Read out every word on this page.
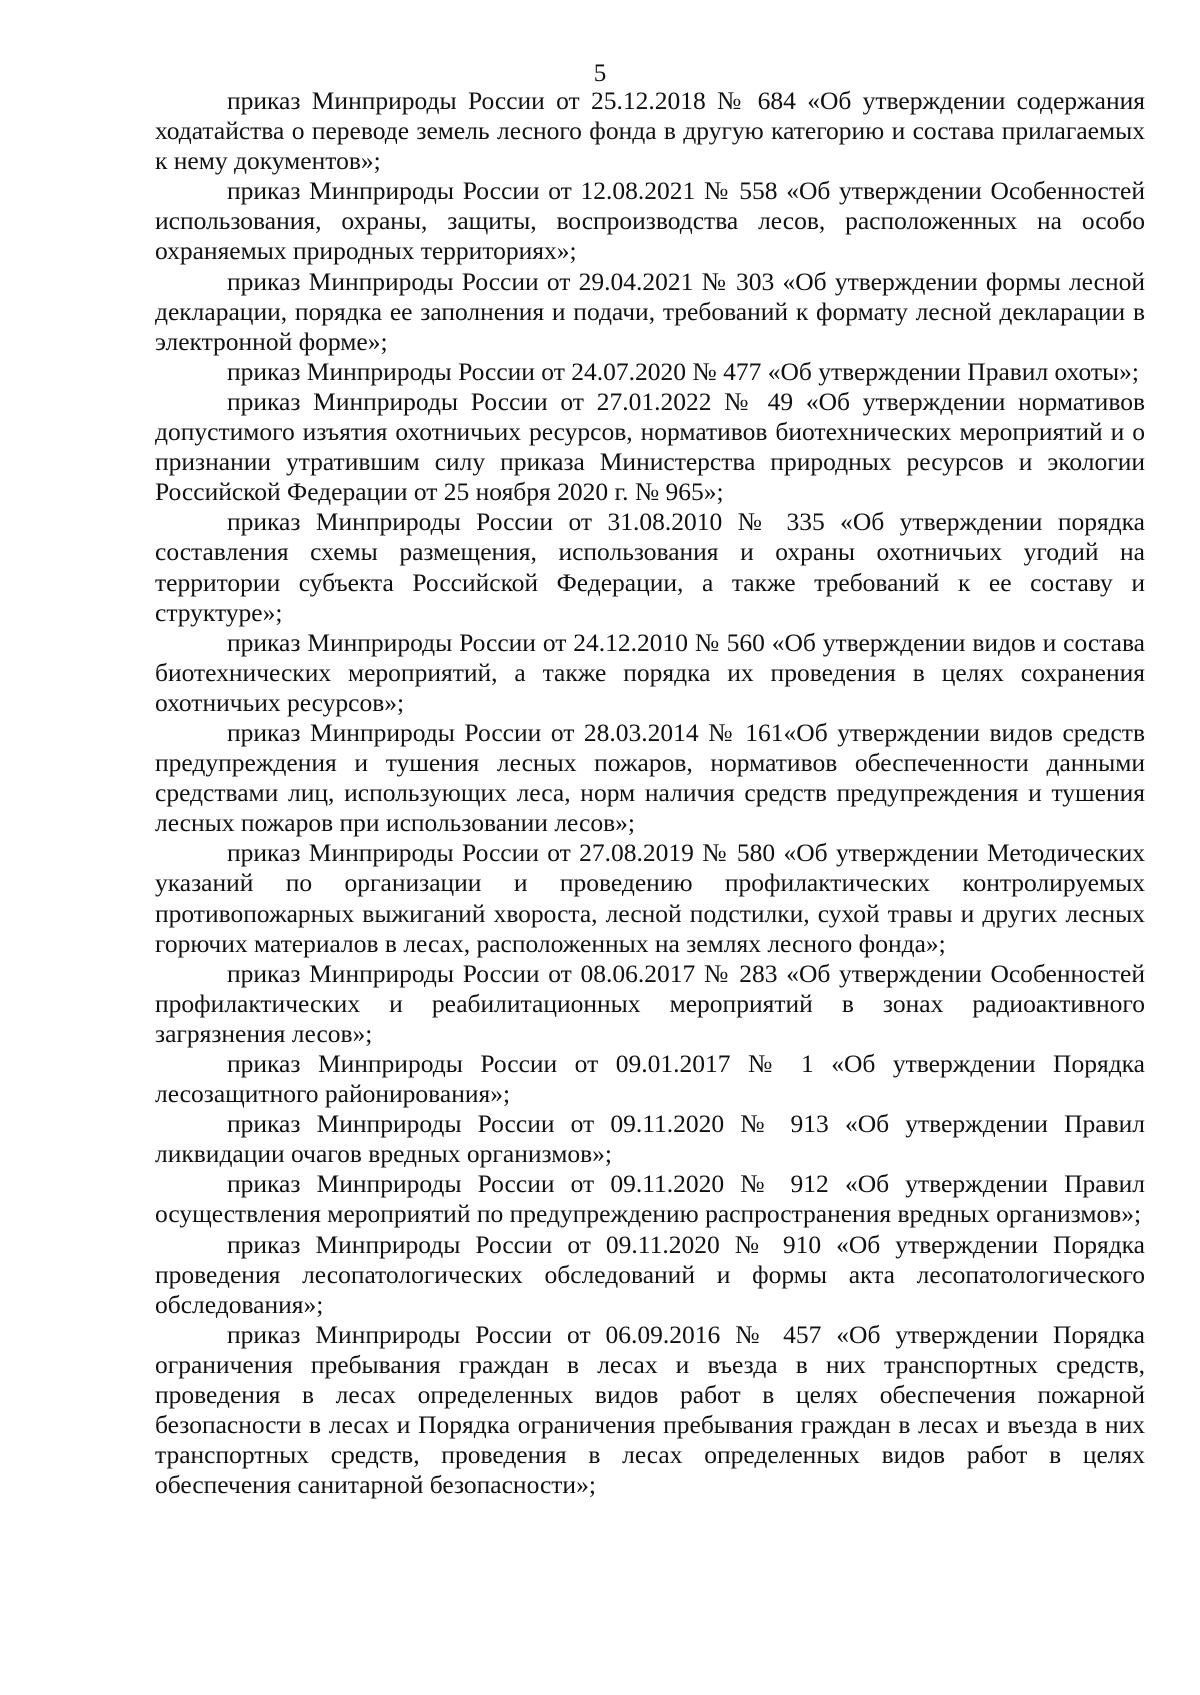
5

приказ Минприроды России от 25.12.2018 № 684 «Об утверждении содержания ходатайства о переводе земель лесного фонда в другую категорию и состава прилагаемых к нему документов»;

приказ Минприроды России от 12.08.2021 № 558 «Об утверждении Особенностей использования, охраны, защиты, воспроизводства лесов, расположенных на особо охраняемых природных территориях»;

приказ Минприроды России от 29.04.2021 № 303 «Об утверждении формы лесной декларации, порядка ее заполнения и подачи, требований к формату лесной декларации в электронной форме»;

приказ Минприроды России от 24.07.2020 № 477 «Об утверждении Правил охоты»;

приказ Минприроды России от 27.01.2022 № 49 «Об утверждении нормативов допустимого изъятия охотничьих ресурсов, нормативов биотехнических мероприятий и о признании утратившим силу приказа Министерства природных ресурсов и экологии Российской Федерации от 25 ноября 2020 г. № 965»;

приказ Минприроды России от 31.08.2010 № 335 «Об утверждении порядка составления схемы размещения, использования и охраны охотничьих угодий на территории субъекта Российской Федерации, а также требований к ее составу и структуре»;

приказ Минприроды России от 24.12.2010 № 560 «Об утверждении видов и состава биотехнических мероприятий, а также порядка их проведения в целях сохранения охотничьих ресурсов»;

приказ Минприроды России от 28.03.2014 № 161«Об утверждении видов средств предупреждения и тушения лесных пожаров, нормативов обеспеченности данными средствами лиц, использующих леса, норм наличия средств предупреждения и тушения лесных пожаров при использовании лесов»;

приказ Минприроды России от 27.08.2019 № 580 «Об утверждении Методических указаний по организации и проведению профилактических контролируемых противопожарных выжиганий хвороста, лесной подстилки, сухой травы и других лесных горючих материалов в лесах, расположенных на землях лесного фонда»;

приказ Минприроды России от 08.06.2017 № 283 «Об утверждении Особенностей профилактических и реабилитационных мероприятий в зонах радиоактивного загрязнения лесов»;

приказ Минприроды России от 09.01.2017 № 1 «Об утверждении Порядка лесозащитного районирования»;

приказ Минприроды России от 09.11.2020 № 913 «Об утверждении Правил ликвидации очагов вредных организмов»;

приказ Минприроды России от 09.11.2020 № 912 «Об утверждении Правил осуществления мероприятий по предупреждению распространения вредных организмов»;

приказ Минприроды России от 09.11.2020 № 910 «Об утверждении Порядка проведения лесопатологических обследований и формы акта лесопатологического обследования»;

приказ Минприроды России от 06.09.2016 № 457 «Об утверждении Порядка ограничения пребывания граждан в лесах и въезда в них транспортных средств, проведения в лесах определенных видов работ в целях обеспечения пожарной безопасности в лесах и Порядка ограничения пребывания граждан в лесах и въезда в них транспортных средств, проведения в лесах определенных видов работ в целях обеспечения санитарной безопасности»;
